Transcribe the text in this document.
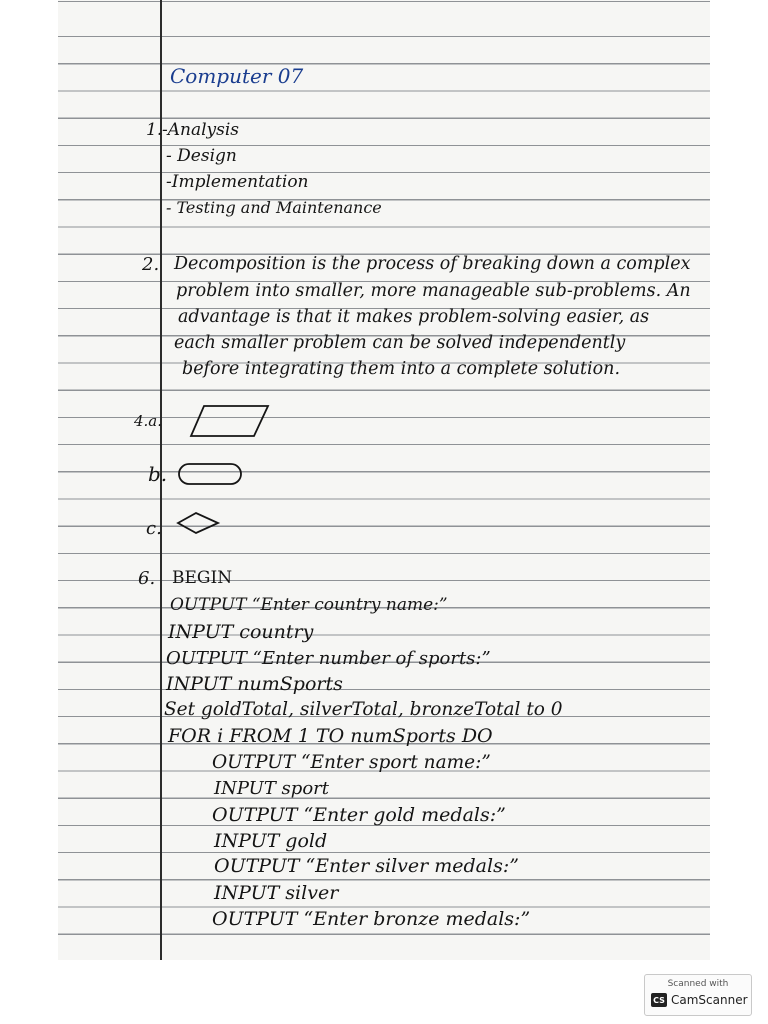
Computer 07
1. -Analysis
- Design
-Implementation
- Testing and Maintenance
2. Decomposition is the process of breaking down a complex
problem into smaller, more manageable sub-problems. An
advantage is that it makes problem-solving easier, as
each smaller problem can be solved independently
before integrating them into a complete solution.
4.a.
b.
c.
6. BEGIN
OUTPUT “Enter country name:”
INPUT country
OUTPUT “Enter number of sports:”
INPUT numSports
Set goldTotal, silverTotal, bronzeTotal to 0
FOR i FROM 1 TO numSports DO
OUTPUT “Enter sport name:”
INPUT sport
OUTPUT “Enter gold medals:”
INPUT gold
OUTPUT “Enter silver medals:”
INPUT silver
OUTPUT “Enter bronze medals:”
Scanned with
CS CamScanner
